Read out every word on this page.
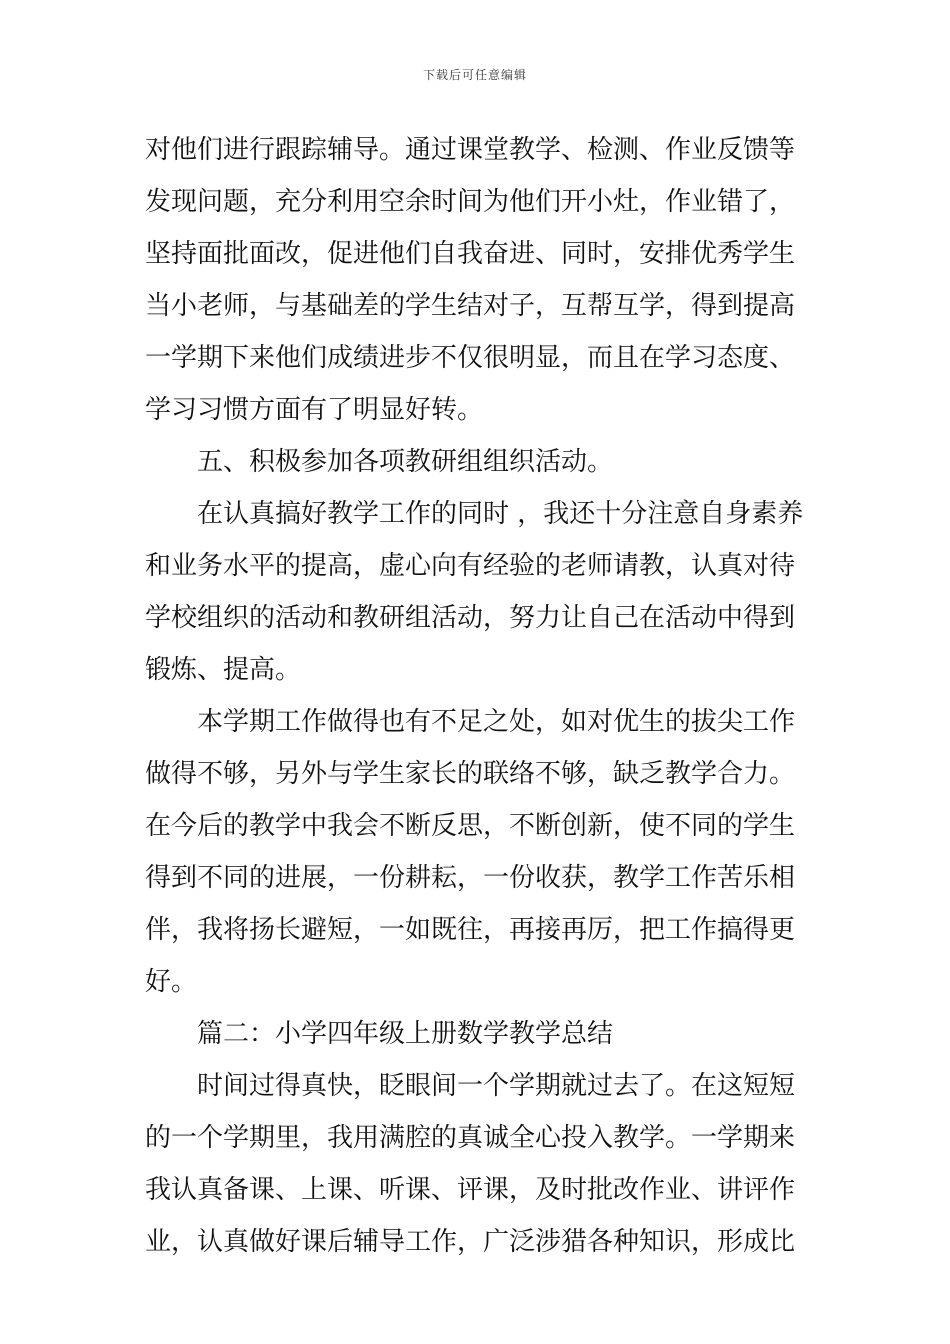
下载后可任意编辑
对他们进行跟踪辅导。通过课堂教学、检测、作业反馈等
发现问题，充分利用空余时间为他们开小灶，作业错了，
坚持面批面改，促进他们自我奋进、同时，安排优秀学生
当小老师，与基础差的学生结对子，互帮互学，得到提高
一学期下来他们成绩进步不仅很明显，而且在学习态度、
学习习惯方面有了明显好转。
五、积极参加各项教研组组织活动。
在认真搞好教学工作的同时 ，我还十分注意自身素养
和业务水平的提高，虚心向有经验的老师请教，认真对待
学校组织的活动和教研组活动，努力让自己在活动中得到
锻炼、提高。
本学期工作做得也有不足之处，如对优生的拔尖工作
做得不够，另外与学生家长的联络不够，缺乏教学合力。
在今后的教学中我会不断反思，不断创新，使不同的学生
得到不同的进展，一份耕耘，一份收获，教学工作苦乐相
伴，我将扬长避短，一如既往，再接再厉，把工作搞得更
好。
篇二：小学四年级上册数学教学总结
时间过得真快，眨眼间一个学期就过去了。在这短短
的一个学期里，我用满腔的真诚全心投入教学。一学期来
我认真备课、上课、听课、评课，及时批改作业、讲评作
业，认真做好课后辅导工作，广泛涉猎各种知识，形成比
